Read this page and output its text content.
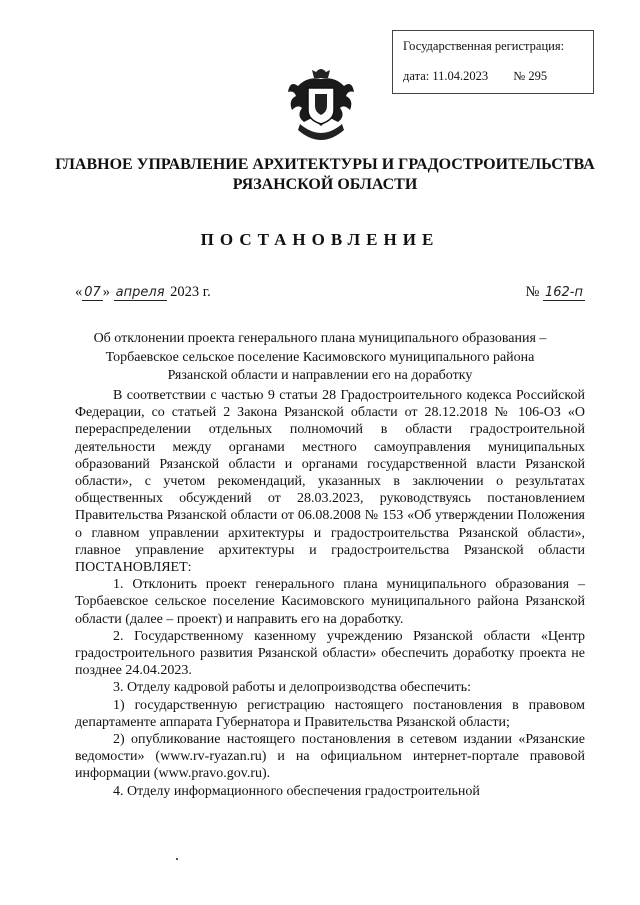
Государственная регистрация:
дата: 11.04.2023 № 295
ГЛАВНОЕ УПРАВЛЕНИЕ АРХИТЕКТУРЫ И ГРАДОСТРОИТЕЛЬСТВА
РЯЗАНСКОЙ ОБЛАСТИ
ПОСТАНОВЛЕНИЕ
« 07 » апреля 2023 г.	№ 162-п
Об отклонении проекта генерального плана муниципального образования –
Торбаевское сельское поселение Касимовского муниципального района
Рязанской области и направлении его на доработку

В соответствии с частью 9 статьи 28 Градостроительного кодекса Российской Федерации, со статьей 2 Закона Рязанской области от 28.12.2018 № 106-ОЗ «О перераспределении отдельных полномочий в области градостроительной деятельности между органами местного самоуправления муниципальных образований Рязанской области и органами государственной власти Рязанской области», с учетом рекомендаций, указанных в заключении о результатах общественных обсуждений от 28.03.2023, руководствуясь постановлением Правительства Рязанской области от 06.08.2008 № 153 «Об утверждении Положения о главном управлении архитектуры и градостроительства Рязанской области», главное управление архитектуры и градостроительства Рязанской области ПОСТАНОВЛЯЕТ:

1. Отклонить проект генерального плана муниципального образования – Торбаевское сельское поселение Касимовского муниципального района Рязанской области (далее – проект) и направить его на доработку.

2. Государственному казенному учреждению Рязанской области «Центр градостроительного развития Рязанской области» обеспечить доработку проекта не позднее 24.04.2023.

3. Отделу кадровой работы и делопроизводства обеспечить:

1) государственную регистрацию настоящего постановления в правовом департаменте аппарата Губернатора и Правительства Рязанской области;

2) опубликование настоящего постановления в сетевом издании «Рязанские ведомости» (www.rv-ryazan.ru) и на официальном интернет-портале правовой информации (www.pravo.gov.ru).

4. Отделу информационного обеспечения градостроительной
